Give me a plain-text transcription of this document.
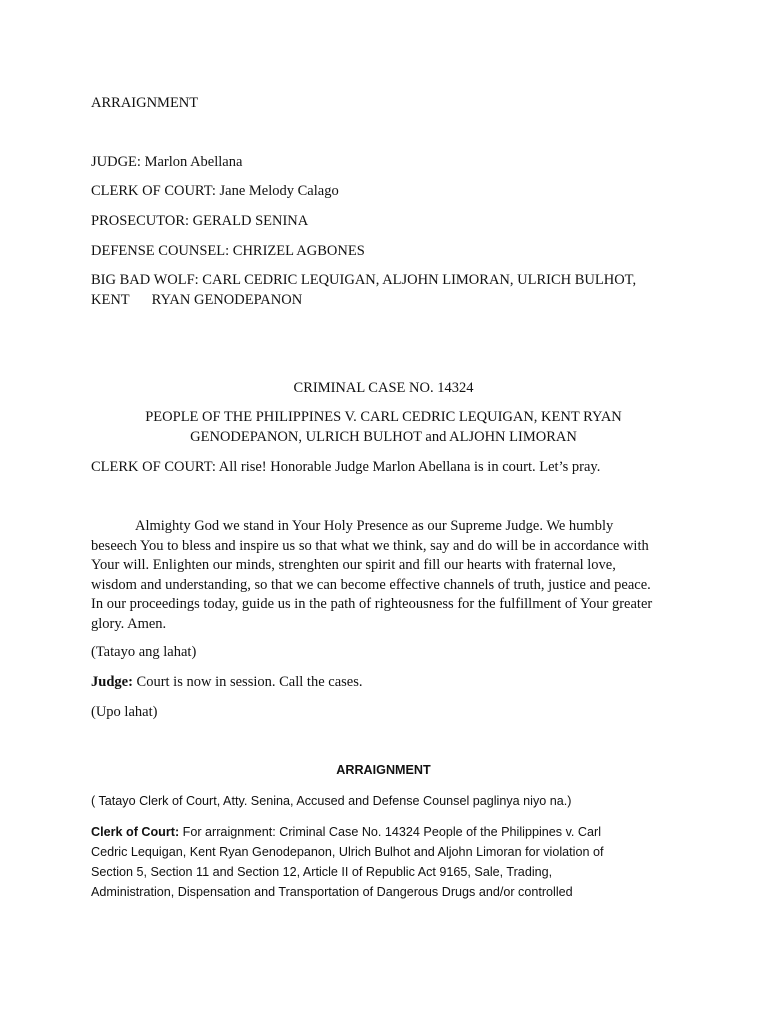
ARRAIGNMENT

JUDGE: Marlon Abellana

CLERK OF COURT: Jane Melody Calago

PROSECUTOR: GERALD SENINA

DEFENSE COUNSEL: CHRIZEL AGBONES

BIG BAD WOLF: CARL CEDRIC LEQUIGAN, ALJOHN LIMORAN, ULRICH BULHOT,

KENT RYAN GENODEPANON

CRIMINAL CASE NO. 14324

PEOPLE OF THE PHILIPPINES V. CARL CEDRIC LEQUIGAN, KENT RYAN

GENODEPANON, ULRICH BULHOT and ALJOHN LIMORAN

CLERK OF COURT: All rise! Honorable Judge Marlon Abellana is in court. Let’s pray.

Almighty God we stand in Your Holy Presence as our Supreme Judge. We humbly
beseech You to bless and inspire us so that what we think, say and do will be in accordance with
Your will. Enlighten our minds, strenghten our spirit and fill our hearts with fraternal love,
wisdom and understanding, so that we can become effective channels of truth, justice and peace.
In our proceedings today, guide us in the path of righteousness for the fulfillment of Your greater
glory. Amen.

(Tatayo ang lahat)

Judge: Court is now in session. Call the cases.

(Upo lahat)

ARRAIGNMENT

( Tatayo Clerk of Court, Atty. Senina, Accused and Defense Counsel paglinya niyo na.)

Clerk of Court: For arraignment: Criminal Case No. 14324 People of the Philippines v. Carl
Cedric Lequigan, Kent Ryan Genodepanon, Ulrich Bulhot and Aljohn Limoran for violation of
Section 5, Section 11 and Section 12, Article II of Republic Act 9165, Sale, Trading,
Administration, Dispensation and Transportation of Dangerous Drugs and/or controlled
